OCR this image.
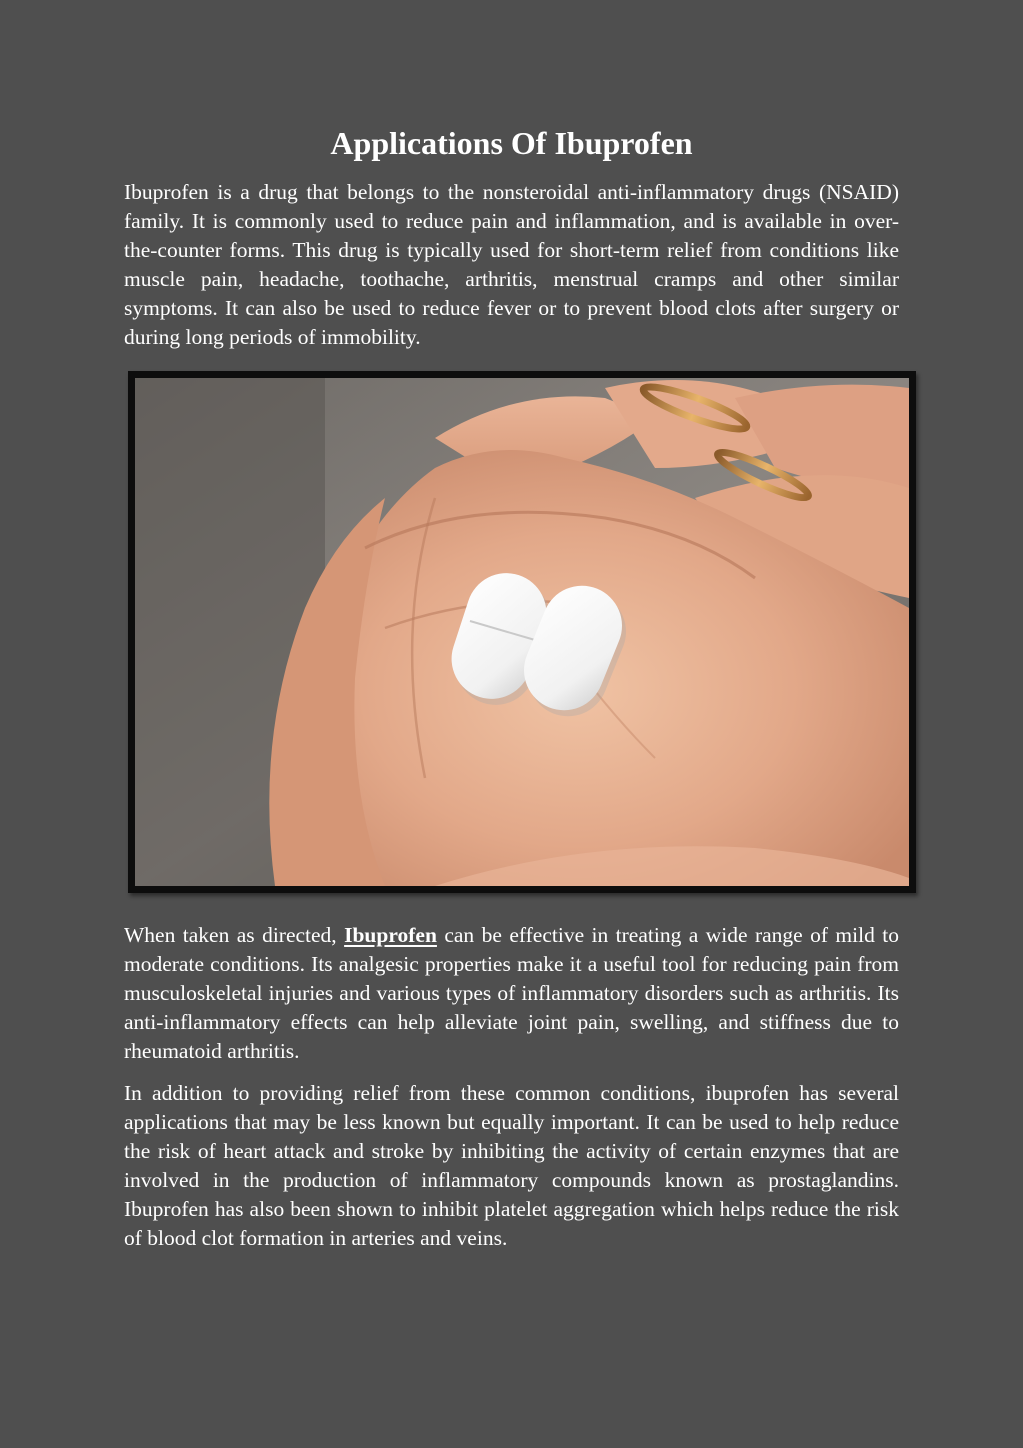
Applications Of Ibuprofen

Ibuprofen is a drug that belongs to the nonsteroidal anti-inflammatory drugs (NSAID) family. It is commonly used to reduce pain and inflammation, and is available in over-the-counter forms. This drug is typically used for short-term relief from conditions like muscle pain, headache, toothache, arthritis, menstrual cramps and other similar symptoms. It can also be used to reduce fever or to prevent blood clots after surgery or during long periods of immobility.

When taken as directed, Ibuprofen can be effective in treating a wide range of mild to moderate conditions. Its analgesic properties make it a useful tool for reducing pain from musculoskeletal injuries and various types of inflammatory disorders such as arthritis. Its anti-inflammatory effects can help alleviate joint pain, swelling, and stiffness due to rheumatoid arthritis.

In addition to providing relief from these common conditions, ibuprofen has several applications that may be less known but equally important. It can be used to help reduce the risk of heart attack and stroke by inhibiting the activity of certain enzymes that are involved in the production of inflammatory compounds known as prostaglandins. Ibuprofen has also been shown to inhibit platelet aggregation which helps reduce the risk of blood clot formation in arteries and veins.
